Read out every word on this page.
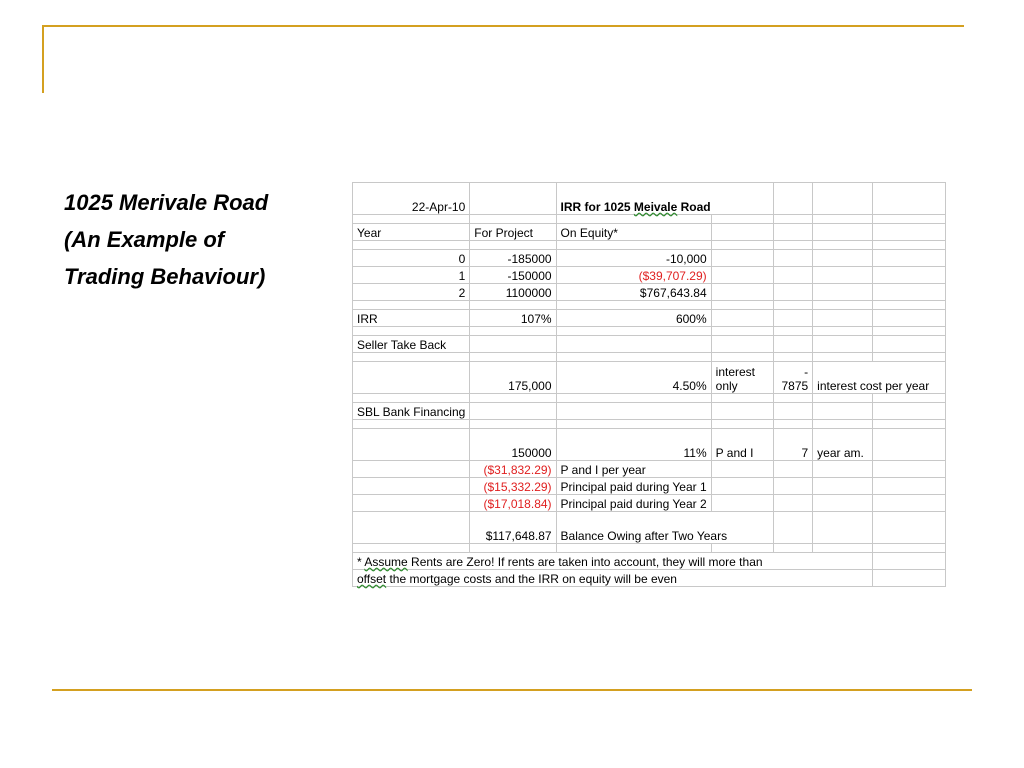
1025 Merivale Road
(An Example of
Trading Behaviour)
22-Apr-10		IRR for 1025 Meivale Road				

Year	For Project	On Equity*				

0	-185000	-10,000				
1	-150000	($39,707.29)				
2	1100000	$767,643.84				

IRR	107%	600%				

Seller Take Back						

	175,000	4.50%	interest only	- 7875	interest cost per year	

SBL Bank Financing						

	150000	11%	P and I	7	year am.	
	($31,832.29)	P and I per year				
	($15,332.29)	Principal paid during Year 1				
	($17,018.84)	Principal paid during Year 2				
	$117,648.87	Balance Owing after Two Years				

* Assume Rents are Zero! If rents are taken into account, they will more than						
offset the mortgage costs and the IRR on equity will be even						
